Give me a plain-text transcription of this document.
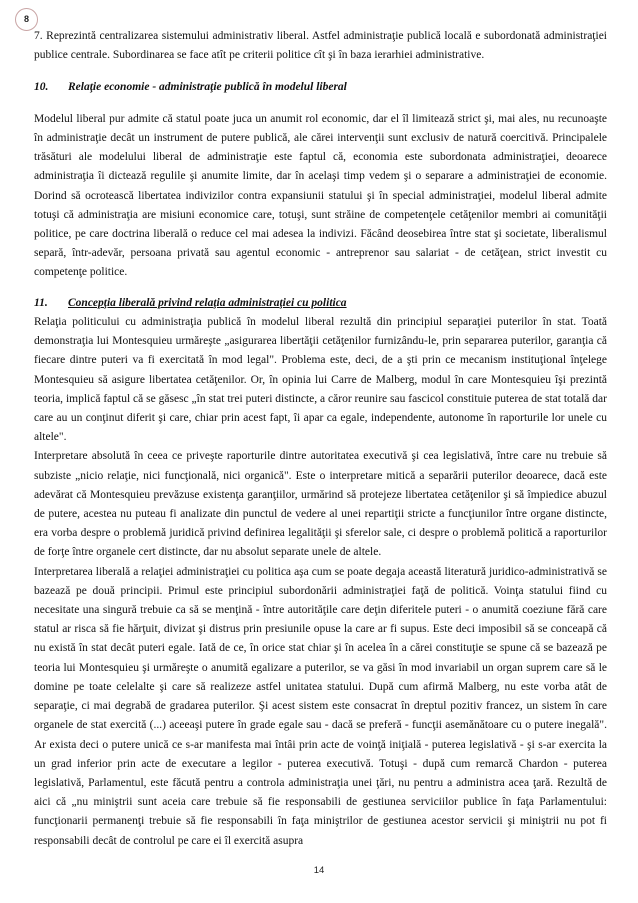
8

7. Reprezintă centralizarea sistemului administrativ liberal. Astfel administraţie publică locală e subordonată administraţiei publice centrale. Subordinarea se face atît pe criterii politice cît şi în baza ierarhiei administrative.

10. Relaţie economie - administraţie publică în modelul liberal

Modelul liberal pur admite că statul poate juca un anumit rol economic, dar el îl limitează strict şi, mai ales, nu recunoaşte în administraţie decât un instrument de putere publică, ale cărei intervenţii sunt exclusiv de natură coercitivă. Principalele trăsături ale modelului liberal de administraţie este faptul că, economia este subordonata administraţiei, deoarece administraţia îi dictează regulile şi anumite limite, dar în acelaşi timp vedem şi o separare a administraţiei de economie. Dorind să ocrotească libertatea indivizilor contra expansiunii statului şi în special administraţiei, modelul liberal admite totuşi că administraţia are misiuni economice care, totuşi, sunt străine de competenţele cetăţenilor membri ai comunităţii politice, pe care doctrina liberală o reduce cel mai adesea la indivizi. Făcând deosebirea între stat şi societate, liberalismul separă, într-adevăr, persoana privată sau agentul economic - antreprenor sau salariat - de cetăţean, strict investit cu competenţe politice.

11. Concepţia liberală privind relaţia administraţiei cu politica

Relaţia politicului cu administraţia publică în modelul liberal rezultă din principiul separaţiei puterilor în stat. Toată demonstraţia lui Montesquieu urmăreşte „asigurarea libertăţii cetăţenilor furnizându-le, prin separarea puterilor, garanţia că fiecare dintre puteri va fi exercitată în mod legal". Problema este, deci, de a şti prin ce mecanism instituţional înţelege Montesquieu să asigure libertatea cetăţenilor. Or, în opinia lui Carre de Malberg, modul în care Montesquieu îşi prezintă teoria, implică faptul că se găsesc „în stat trei puteri distincte, a căror reunire sau fascicol constituie puterea de stat totală dar care au un conţinut diferit şi care, chiar prin acest fapt, îi apar ca egale, independente, autonome în raporturile lor unele cu altele".

Interpretare absolută în ceea ce priveşte raporturile dintre autoritatea executivă şi cea legislativă, între care nu trebuie să subziste „nicio relaţie, nici funcţională, nici organică". Este o interpretare mitică a separării puterilor deoarece, dacă este adevărat că Montesquieu prevăzuse existenţa garanţiilor, urmărind să protejeze libertatea cetăţenilor şi să împiedice abuzul de putere, acestea nu puteau fi analizate din punctul de vedere al unei repartiţii stricte a funcţiunilor între organe distincte, era vorba despre o problemă juridică privind definirea legalităţii şi sferelor sale, ci despre o problemă politică a raporturilor de forţe între organele cert distincte, dar nu absolut separate unele de altele.

Interpretarea liberală a relaţiei administraţiei cu politica aşa cum se poate degaja această literatură juridico-administrativă se bazează pe două principii. Primul este principiul subordonării administraţiei faţă de politică. Voinţa statului fiind cu necesitate una singură trebuie ca să se menţină - între autorităţile care deţin diferitele puteri - o anumită coeziune fără care statul ar risca să fie hărţuit, divizat şi distrus prin presiunile opuse la care ar fi supus. Este deci imposibil să se conceapă că nu există în stat decât puteri egale. Iată de ce, în orice stat chiar şi în acelea în a cărei constituţie se spune că se bazează pe teoria lui Montesquieu şi urmăreşte o anumită egalizare a puterilor, se va găsi în mod invariabil un organ suprem care să le domine pe toate celelalte şi care să realizeze astfel unitatea statului. După cum afirmă Malberg, nu este vorba atât de separaţie, ci mai degrabă de gradarea puterilor. Şi acest sistem este consacrat în dreptul pozitiv francez, un sistem în care organele de stat exercită (...) aceeaşi putere în grade egale sau - dacă se preferă - funcţii asemănătoare cu o putere inegală". Ar exista deci o putere unică ce s-ar manifesta mai întâi prin acte de voinţă iniţială - puterea legislativă - şi s-ar exercita la un grad inferior prin acte de executare a legilor - puterea executivă. Totuşi - după cum remarcă Chardon - puterea legislativă, Parlamentul, este făcută pentru a controla administraţia unei ţări, nu pentru a administra acea ţară. Rezultă de aici că „nu miniştrii sunt aceia care trebuie să fie responsabili de gestiunea serviciilor publice în faţa Parlamentului: funcţionarii permanenţi trebuie să fie responsabili în faţa miniştrilor de gestiunea acestor servicii şi miniştrii nu pot fi responsabili decât de controlul pe care ei îl exercită asupra

14
